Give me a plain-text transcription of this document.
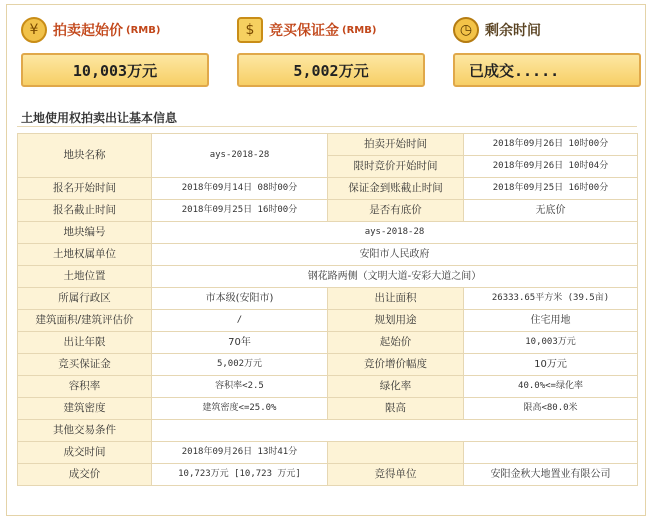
¥	拍卖起始价 (RMB)
10,003万元
$	竞买保证金 (RMB)
5,002万元
◷ 剩余时间
已成交.....
土地使用权拍卖出让基本信息
地块名称	ays-2018-28	拍卖开始时间	2018年09月26日 10时00分
		限时竞价开始时间	2018年09月26日 10时04分
报名开始时间	2018年09月14日 08时00分	保证金到账截止时间	2018年09月25日 16时00分
报名截止时间	2018年09月25日 16时00分	是否有底价	无底价
地块编号	ays-2018-28		
土地权属单位	安阳市人民政府		
土地位置	钢花路两侧（文明大道-安彩大道之间）		
所属行政区	市本级(安阳市)	出让面积	26333.65平方米 (39.5亩)
建筑面积/建筑评估价	/	规划用途	住宅用地
出让年限	70年	起始价	10,003万元
竞买保证金	5,002万元	竞价增价幅度	10万元
容积率	容积率<2.5	绿化率	40.0%<=绿化率
建筑密度	建筑密度<=25.0%	限高	限高<80.0米
其他交易条件			
成交时间	2018年09月26日 13时41分		
成交价	10,723万元 [10,723 万元]	竞得单位	安阳金秋大地置业有限公司
